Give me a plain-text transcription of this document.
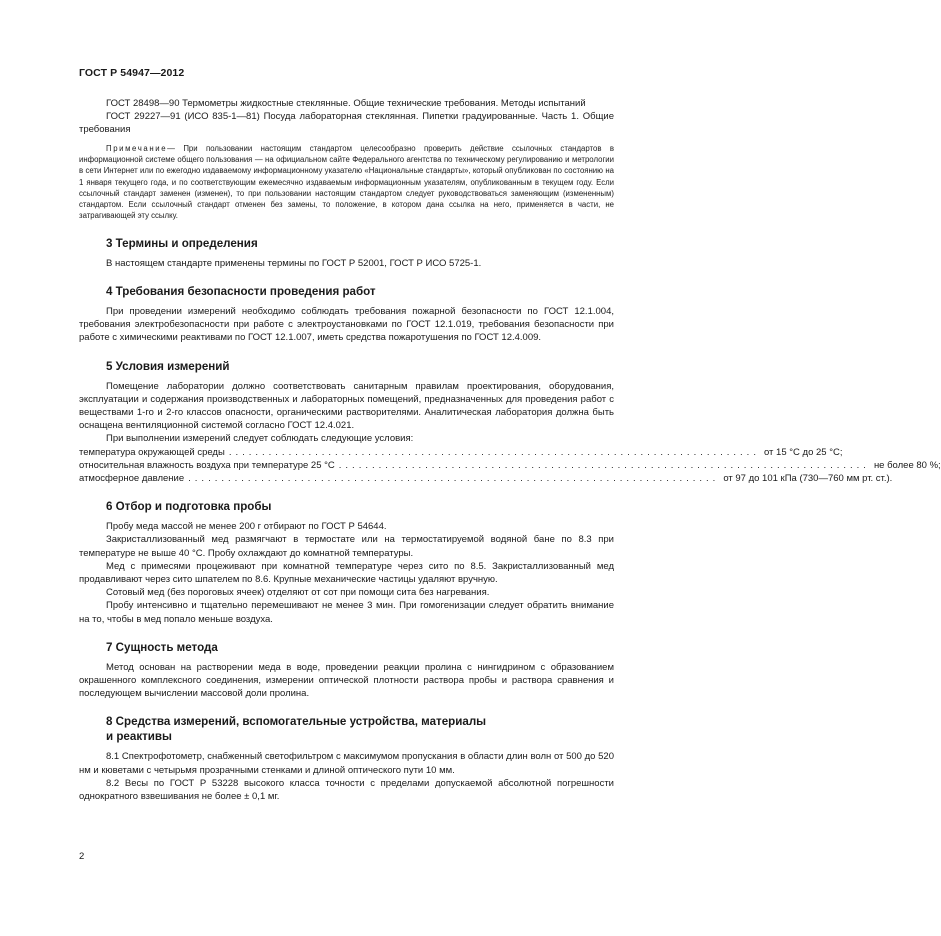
ГОСТ Р 54947—2012

ГОСТ 28498—90 Термометры жидкостные стеклянные. Общие технические требования. Методы испытаний

ГОСТ 29227—91 (ИСО 835-1—81) Посуда лабораторная стеклянная. Пипетки градуированные. Часть 1. Общие требования

Примечание— При пользовании настоящим стандартом целесообразно проверить действие ссылочных стандартов в информационной системе общего пользования — на официальном сайте Федерального агентства по техническому регулированию и метрологии в сети Интернет или по ежегодно издаваемому информационному указателю «Национальные стандарты», который опубликован по состоянию на 1 января текущего года, и по соответствующим ежемесячно издаваемым информационным указателям, опубликованным в текущем году. Если ссылочный стандарт заменен (изменен), то при пользовании настоящим стандартом следует руководствоваться заменяющим (измененным) стандартом. Если ссылочный стандарт отменен без замены, то положение, в котором дана ссылка на него, применяется в части, не затрагивающей эту ссылку.
3 Термины и определения

В настоящем стандарте применены термины по ГОСТ Р 52001, ГОСТ Р ИСО 5725-1.

4 Требования безопасности проведения работ

При проведении измерений необходимо соблюдать требования пожарной безопасности по ГОСТ 12.1.004, требования электробезопасности при работе с электроустановками по ГОСТ 12.1.019, требования безопасности при работе с химическими реактивами по ГОСТ 12.1.007, иметь средства пожаротушения по ГОСТ 12.4.009.

5 Условия измерений

Помещение лаборатории должно соответствовать санитарным правилам проектирования, оборудования, эксплуатации и содержания производственных и лабораторных помещений, предназначенных для проведения работ с веществами 1-го и 2-го классов опасности, органическими растворителями. Аналитическая лаборатория должна быть оснащена вентиляционной системой согласно ГОСТ 12.4.021.

При выполнении измерений следует соблюдать следующие условия:

температура окружающей среды ................................................................................ от 15 °С до 25 °С;
относительная влажность воздуха при температуре 25 °С ................................................................................ не более 80 %;
атмосферное давление ................................................................................ от 97 до 101 кПа (730—760 мм рт. ст.).
6 Отбор и подготовка пробы

Пробу меда массой не менее 200 г отбирают по ГОСТ Р 54644.

Закристаллизованный мед размягчают в термостате или на термостатируемой водяной бане по 8.3 при температуре не выше 40 °С. Пробу охлаждают до комнатной температуры.

Мед с примесями процеживают при комнатной температуре через сито по 8.5. Закристаллизованный мед продавливают через сито шпателем по 8.6. Крупные механические частицы удаляют вручную.

Сотовый мед (без пороговых ячеек) отделяют от сот при помощи сита без нагревания.

Пробу интенсивно и тщательно перемешивают не менее 3 мин. При гомогенизации следует обратить внимание на то, чтобы в мед попало меньше воздуха.

7 Сущность метода

Метод основан на растворении меда в воде, проведении реакции пролина с нингидрином с образованием окрашенного комплексного соединения, измерении оптической плотности раствора пробы и раствора сравнения и последующем вычислении массовой доли пролина.

8 Средства измерений, вспомогательные устройства, материалы
и реактивы

8.1 Спектрофотометр, снабженный светофильтром с максимумом пропускания в области длин волн от 500 до 520 нм и кюветами с четырьмя прозрачными стенками и длиной оптического пути 10 мм.

8.2 Весы по ГОСТ Р 53228 высокого класса точности с пределами допускаемой абсолютной погрешности однократного взвешивания не более ± 0,1 мг.

2
